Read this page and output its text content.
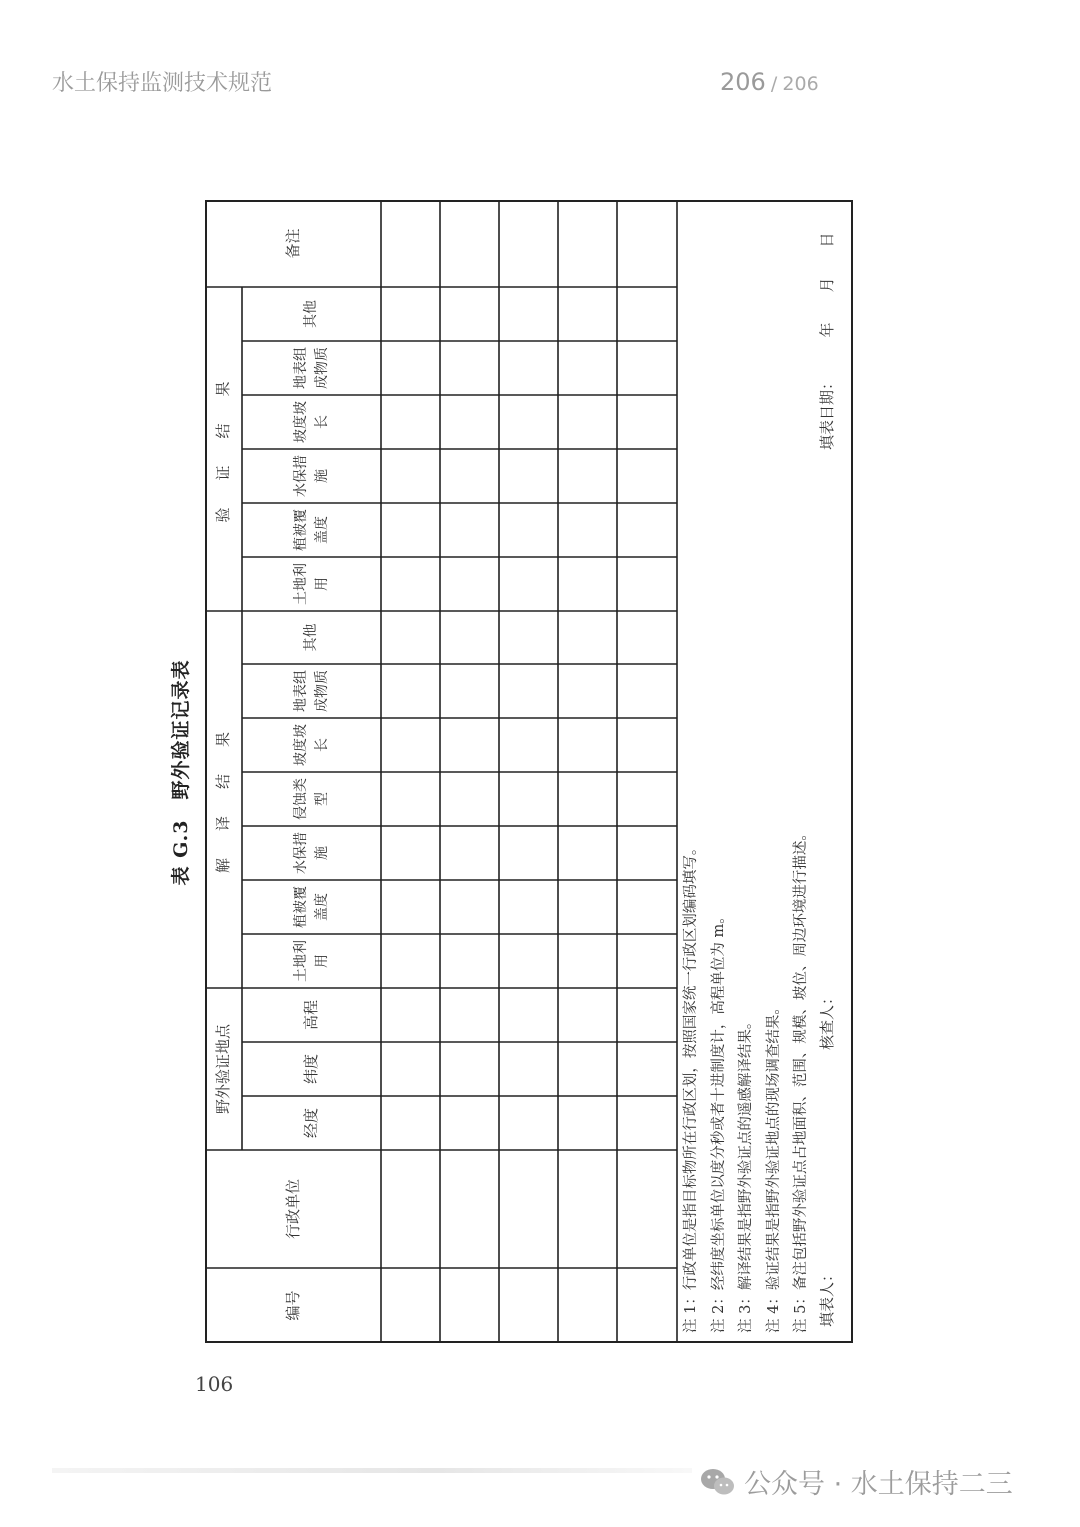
水土保持监测技术规范	206 / 206
表 G.3　野外验证记录表
编号
行政单位
野外验证地点
经度
纬度
高程
解　译　结　果
土地利用
植被覆盖度
水保措施
侵蚀类型
坡度坡长
地表组成物质
其他
验　证　结　果
土地利用
植被覆盖度
水保措施
坡度坡长
地表组成物质
其他
备注
注 1：行政单位是指目标物所在行政区划，按照国家统一行政区划编码填写。 注 2：经纬度坐标单位以度分秒或者十进制度计，高程单位为 m。 注 3：解译结果是指野外验证点的遥感解译结果。 注 4：验证结果是指野外验证地点的现场调查结果。 注 5：备注包括野外验证点占地面积、范围、规模、坡位、周边环境进行描述。 填表人：
核查人：
填表日期：　　　年　　月　　日
106
公众号 · 水土保持二三
